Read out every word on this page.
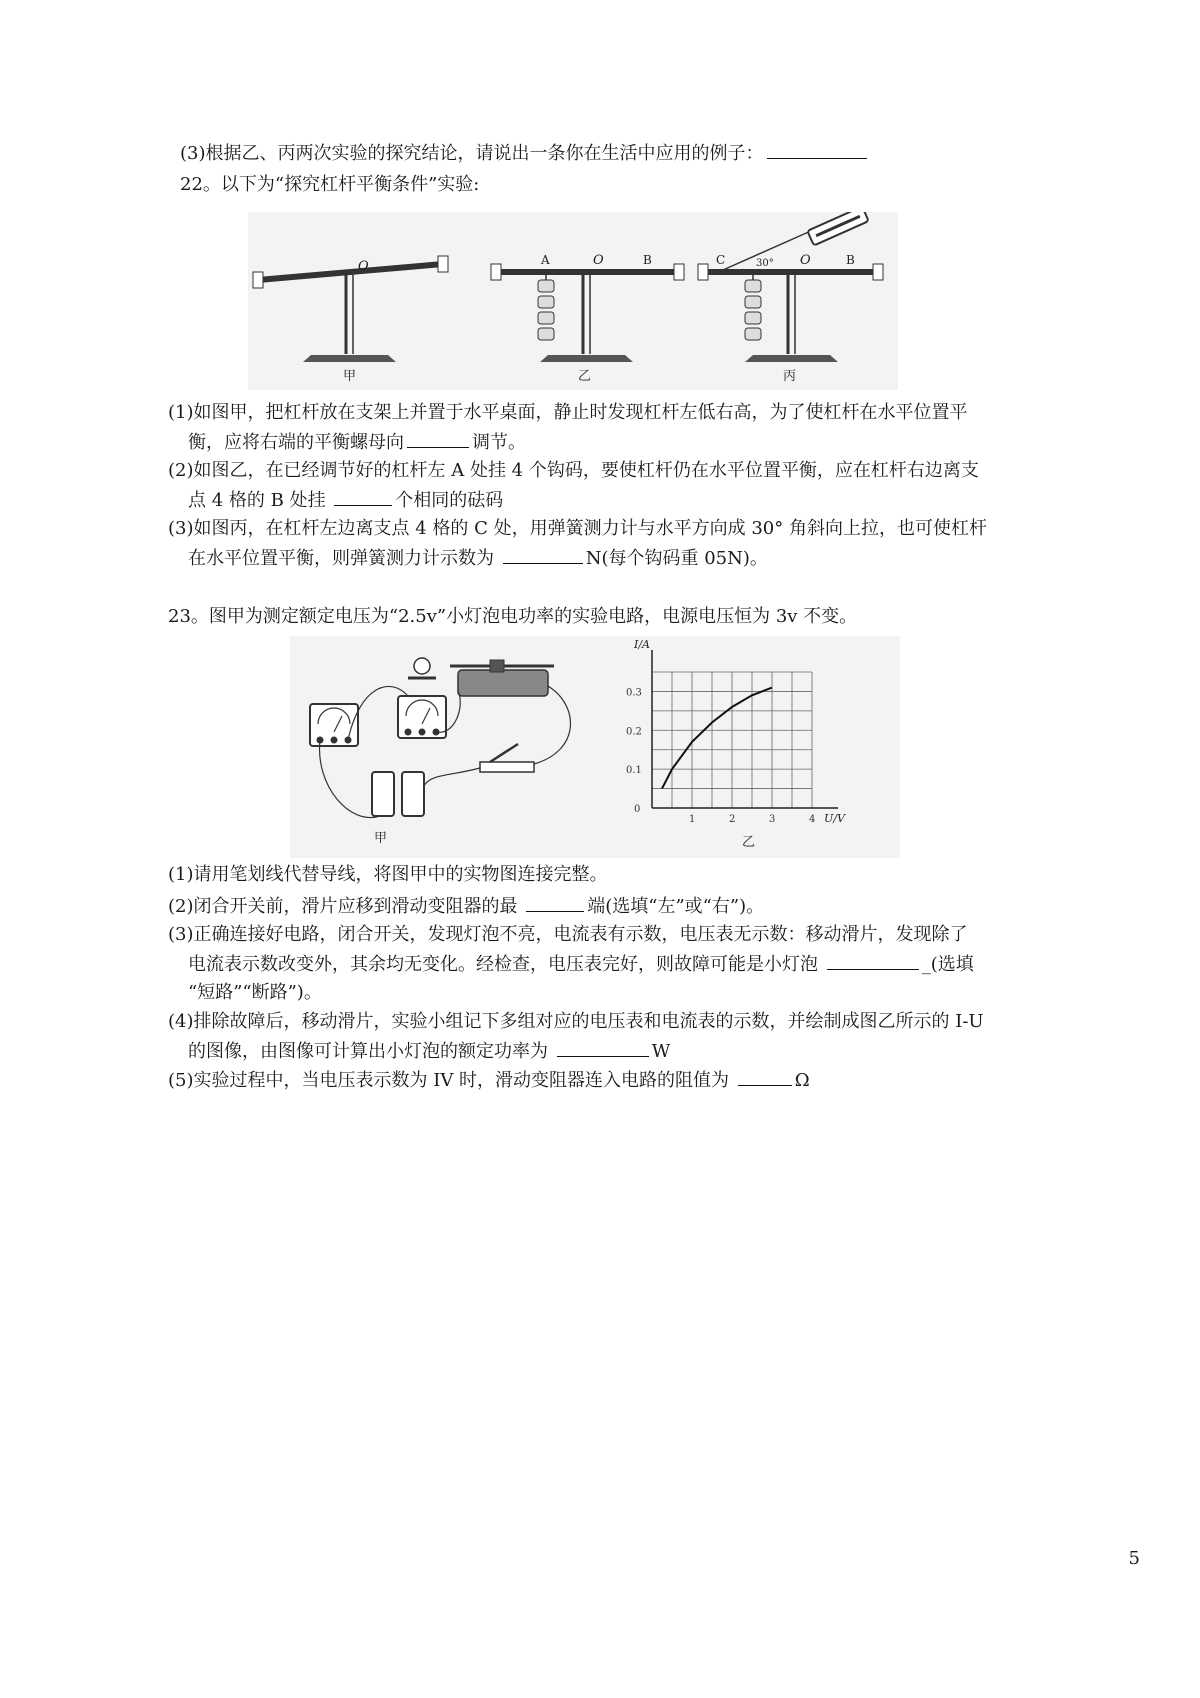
(3)根据乙、丙两次实验的探究结论，请说出一条你在生活中应用的例子：
22。以下为“探究杠杆平衡条件”实验:
O
甲
A	O	B
乙
C	30° O	B
丙
(1)如图甲，把杠杆放在支架上并置于水平桌面，静止时发现杠杆左低右高，为了使杠杆在水平位置平
衡，应将右端的平衡螺母向	调节。
(2)如图乙，在已经调节好的杠杆左 A 处挂 4 个钩码，要使杠杆仍在水平位置平衡，应在杠杆右边离支
点 4 格的 B 处挂	个相同的砝码
(3)如图丙，在杠杆左边离支点 4 格的 C 处，用弹簧测力计与水平方向成 30° 角斜向上拉，也可使杠杆
在水平位置平衡，则弹簧测力计示数为	N(每个钩码重 05N)。
23。图甲为测定额定电压为“2.5v”小灯泡电功率的实验电路，电源电压恒为 3v 不变。
甲
1	2	3	4
0
0.1
0.2
0.3
U/V
I/A
乙
(1)请用笔划线代替导线，将图甲中的实物图连接完整。
(2)闭合开关前，滑片应移到滑动变阻器的最	端(选填“左”或“右”)。
(3)正确连接好电路，闭合开关，发现灯泡不亮，电流表有示数，电压表无示数：移动滑片，发现除了
电流表示数改变外，其余均无变化。经检查，电压表完好，则故障可能是小灯泡	_(选填
“短路”“断路”)。
(4)排除故障后，移动滑片，实验小组记下多组对应的电压表和电流表的示数，并绘制成图乙所示的 I-U
的图像，由图像可计算出小灯泡的额定功率为	W
(5)实验过程中，当电压表示数为 IV 时，滑动变阻器连入电路的阻值为	Ω
5
